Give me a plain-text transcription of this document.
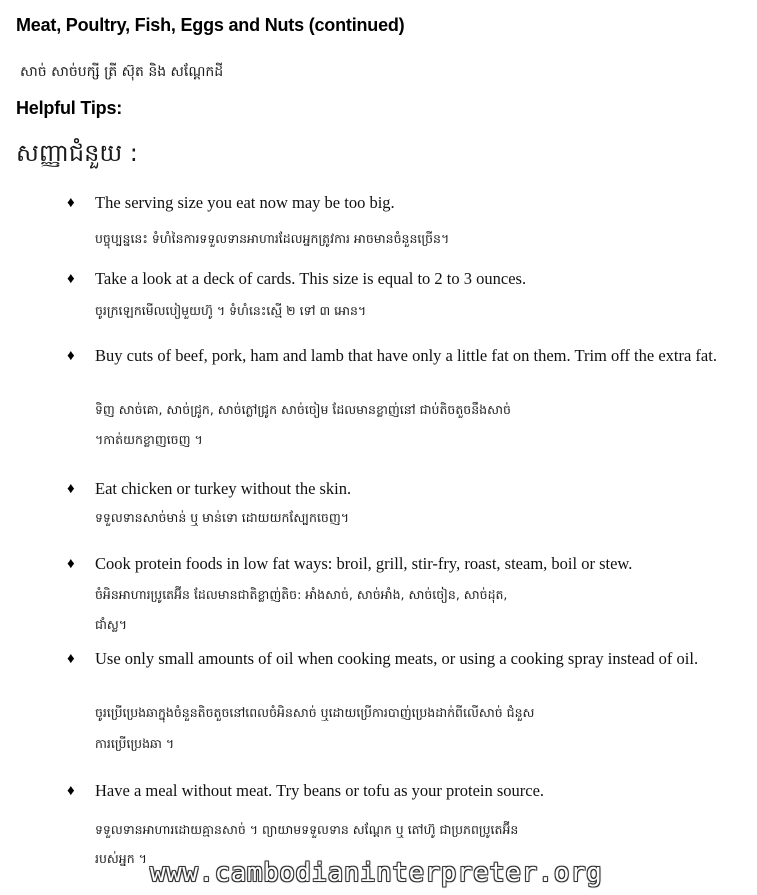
Meat, Poultry, Fish, Eggs and Nuts (continued)
សាច់ សាច់បក្សី ត្រី ស៊ុត និង សណ្តែកដី
Helpful Tips:
សញ្ញាជំនួយ :
♦ The serving size you eat now may be too big.
បច្ចុប្បន្ននេះ ទំហំនៃការទទួលទានអាហារដែលអ្នកត្រូវការ អាចមានចំនួនច្រើន។
♦ Take a look at a deck of cards. This size is equal to 2 to 3 ounces.
ចូរក្រឡេកមើលបៀមួយហ៊ូ ។ ទំហំនេះស្មើ ២ ទៅ ៣ អោន។
♦ Buy cuts of beef, pork, ham and lamb that have only a little fat on them. Trim off the extra fat.
ទិញ សាច់គោ, សាច់ជ្រូក, សាច់ភ្លៅជ្រូក សាច់ចៀម ដែលមានខ្លាញ់នៅ ជាប់តិចតួចនឹងសាច់
។កាត់យកខ្លាញចេញ ។
♦ Eat chicken or turkey without the skin.
ទទួលទានសាច់មាន់ ឬ មាន់ទោ ដោយយកស្បែកចេញ។
♦ Cook protein foods in low fat ways: broil, grill, stir-fry, roast, steam, boil or stew.
ចំអិនអាហារប្រូតេអ៊ីន ដែលមានជាតិខ្លាញ់តិច: អាំងសាច់, សាច់អាំង, សាច់ចៀន, សាច់ដុត,
ជាំស្ល។
♦ Use only small amounts of oil when cooking meats, or using a cooking spray instead of oil.
ចូរប្រើប្រេងឆាក្នុងចំនួនតិចតួចនៅពេលចំអិនសាច់ ឬដោយប្រើការបាញ់ប្រេងដាក់ពីលើសាច់ ជំនួស
ការប្រើប្រេងឆា ។
♦ Have a meal without meat. Try beans or tofu as your protein source.
ទទួលទានអាហារដោយគ្មានសាច់ ។ ព្យាយាមទទួលទាន សណ្តែក ឬ តៅហ៊ូ ជាប្រភពប្រូតេអ៊ីន
របស់អ្នក ។ www.cambodianinterpreter.org
